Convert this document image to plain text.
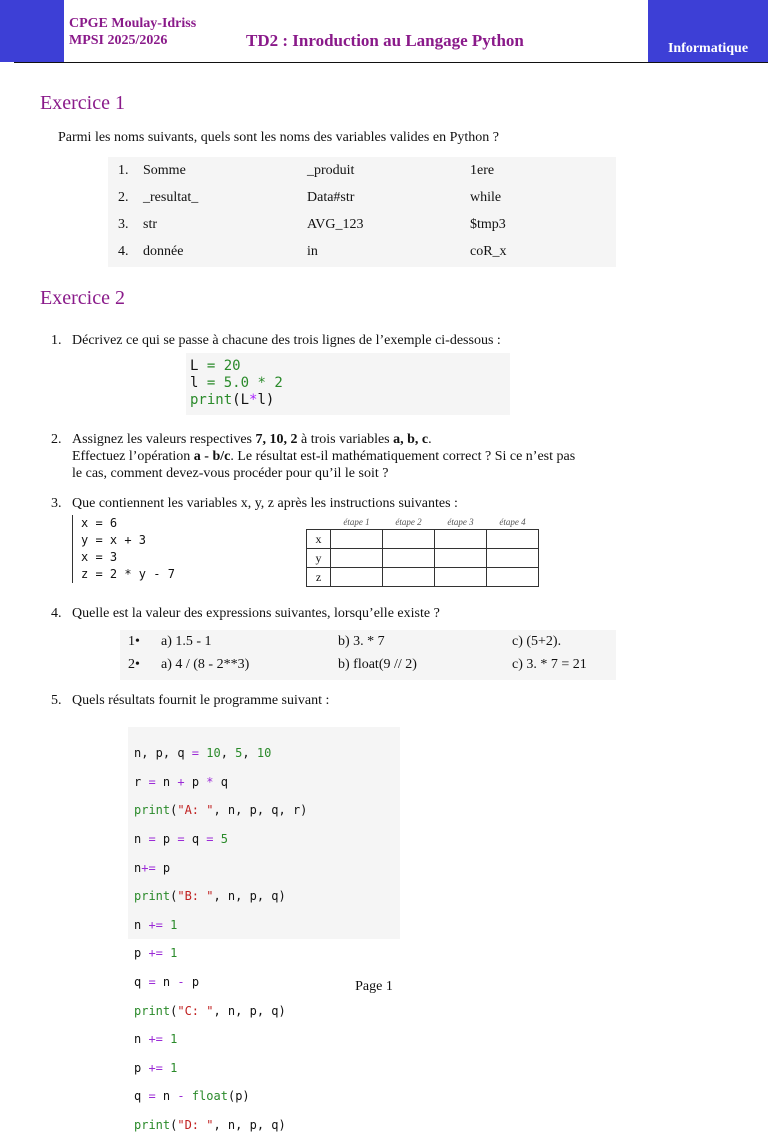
CPGE Moulay-Idriss
MPSI 2025/2026	TD2 : Inroduction au Langage Python	Informatique
Exercice 1
Parmi les noms suivants, quels sont les noms des variables valides en Python ?
1.	Somme	_produit	1ere
2.	_resultat_	Data#str	while
3.	str	AVG_123	$tmp3
4.	donnée	in	coR_x
Exercice 2
1. Décrivez ce qui se passe à chacune des trois lignes de l’exemple ci-dessous :
L = 20
l = 5.0 * 2
print(L*l)
2. Assignez les valeurs respectives 7, 10, 2 à trois variables a, b, c.
Effectuez l’opération a - b/c. Le résultat est-il mathématiquement correct ? Si ce n’est pas
le cas, comment devez-vous procéder pour qu’il le soit ?
3. Que contiennent les variables x, y, z après les instructions suivantes :
x = 6
y = x + 3
x = 3
z = 2 * y - 7
	étape 1	étape 2	étape 3	étape 4
x				
y				
z				
4. Quelle est la valeur des expressions suivantes, lorsqu’elle existe ?
1• a) 1.5 - 1	b) 3. * 7	c) (5+2).
2• a) 4 / (8 - 2**3)	b) float(9 // 2)	c) 3. * 7 = 21
5. Quels résultats fournit le programme suivant :

n, p, q = 10, 5, 10

r = n + p * q

print("A: ", n, p, q, r)

n = p = q = 5

n+= p

print("B: ", n, p, q)

n += 1

p += 1

q = n - p

print("C: ", n, p, q)

n += 1

p += 1

q = n - float(p)

print("D: ", n, p, q)

Page 1
